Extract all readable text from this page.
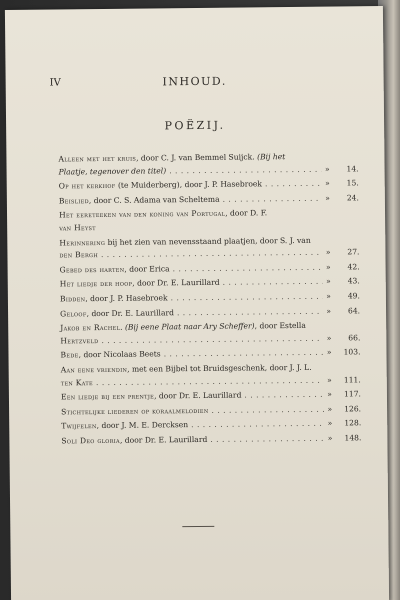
IV	INHOUD.
POËZIJ.
Alleen met het kruis , door C. J. van Bemmel Suijck. (Bij het
Plaatje, tegenover den titel) . . .	»	14.
Op het kerkhof (te Muiderberg), door J. P. Hasebroek . . .	»	15.
Beislied , door C. S. Adama van Scheltema . . .	»	24.
Het eereteeken van den koning van Portugal , door D. F.
van Heyst
Herinnering bij het zien van nevensstaand plaatjen, door S. J. van
den Bergh . . .	»	27.
Gebed des harten , door Erica . . .	»	42.
Het liedje der hoop , door Dr. E. Laurillard . . .	»	43.
Bidden , door J. P. Hasebroek . . .	»	49.
Geloof , door Dr. E. Laurillard . . .	»	64.
Jakob en Rachel . (Bij eene Plaat naar Ary Scheffer) , door Estella
Hertzveld . . .	»	66.
Bede , door Nicolaas Beets . . .	»	103.
Aan eene vriendin , met een Bijbel tot Bruidsgeschenk, door J. J. L.
ten Kate . . .	»	111.
Een liedje bij een prentje , door Dr. E. Laurillard . . .	»	117.
Stichtelijke liederen op koraalmelodien . . .	»	126.
Twijfelen , door J. M. E. Dercksen . . .	»	128.
Soli Deo gloria , door Dr. E. Laurillard . . .	»	148.
